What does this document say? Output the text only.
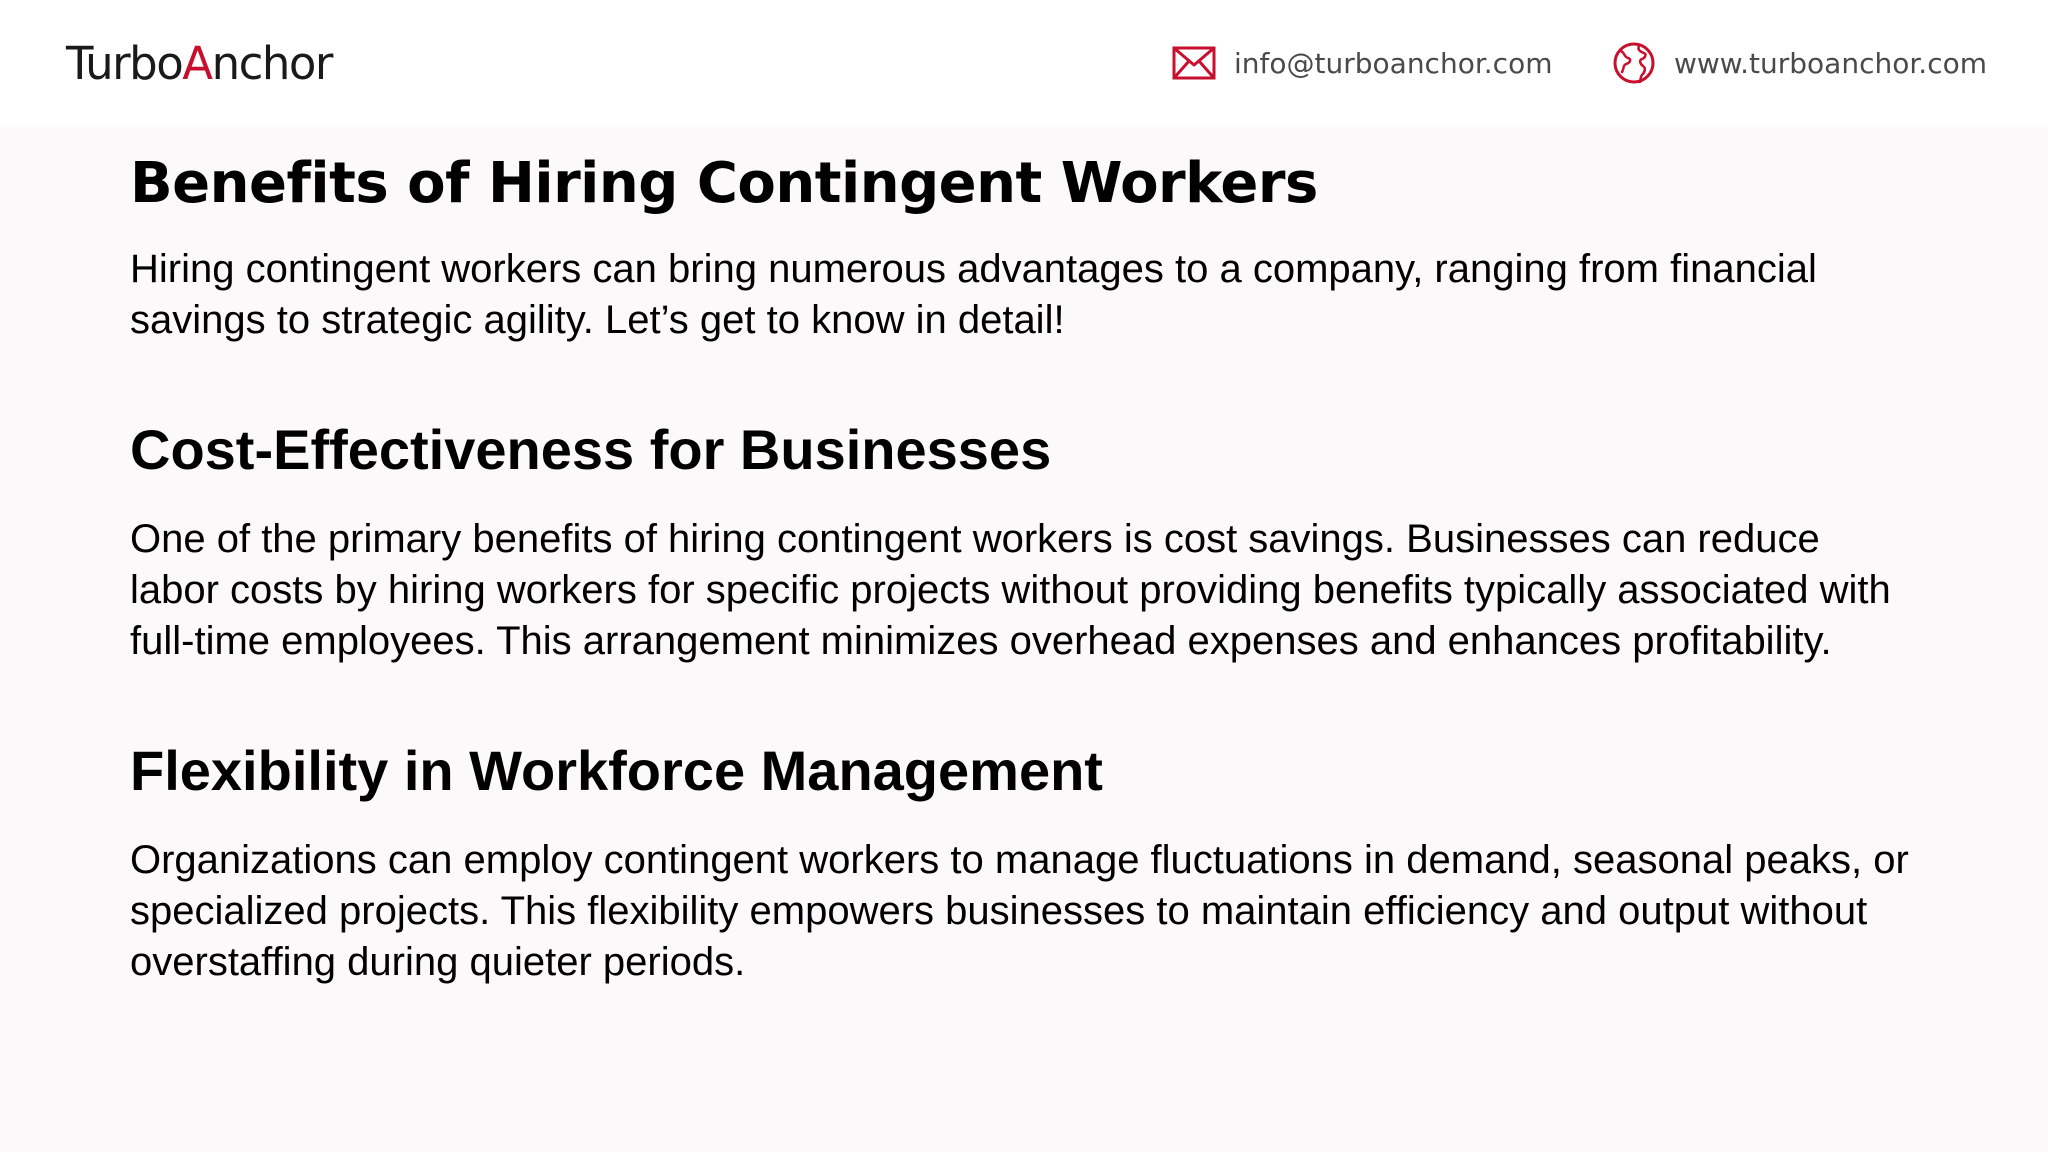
TurboAnchor	info@turboanchor.com	www.turboanchor.com
Benefits of Hiring Contingent Workers

Hiring contingent workers can bring numerous advantages to a company, ranging from financial savings to strategic agility. Let’s get to know in detail!

Cost-Effectiveness for Businesses

One of the primary benefits of hiring contingent workers is cost savings. Businesses can reduce labor costs by hiring workers for specific projects without providing benefits typically associated with full-time employees. This arrangement minimizes overhead expenses and enhances profitability.

Flexibility in Workforce Management

Organizations can employ contingent workers to manage fluctuations in demand, seasonal peaks, or specialized projects. This flexibility empowers businesses to maintain efficiency and output without overstaffing during quieter periods.
